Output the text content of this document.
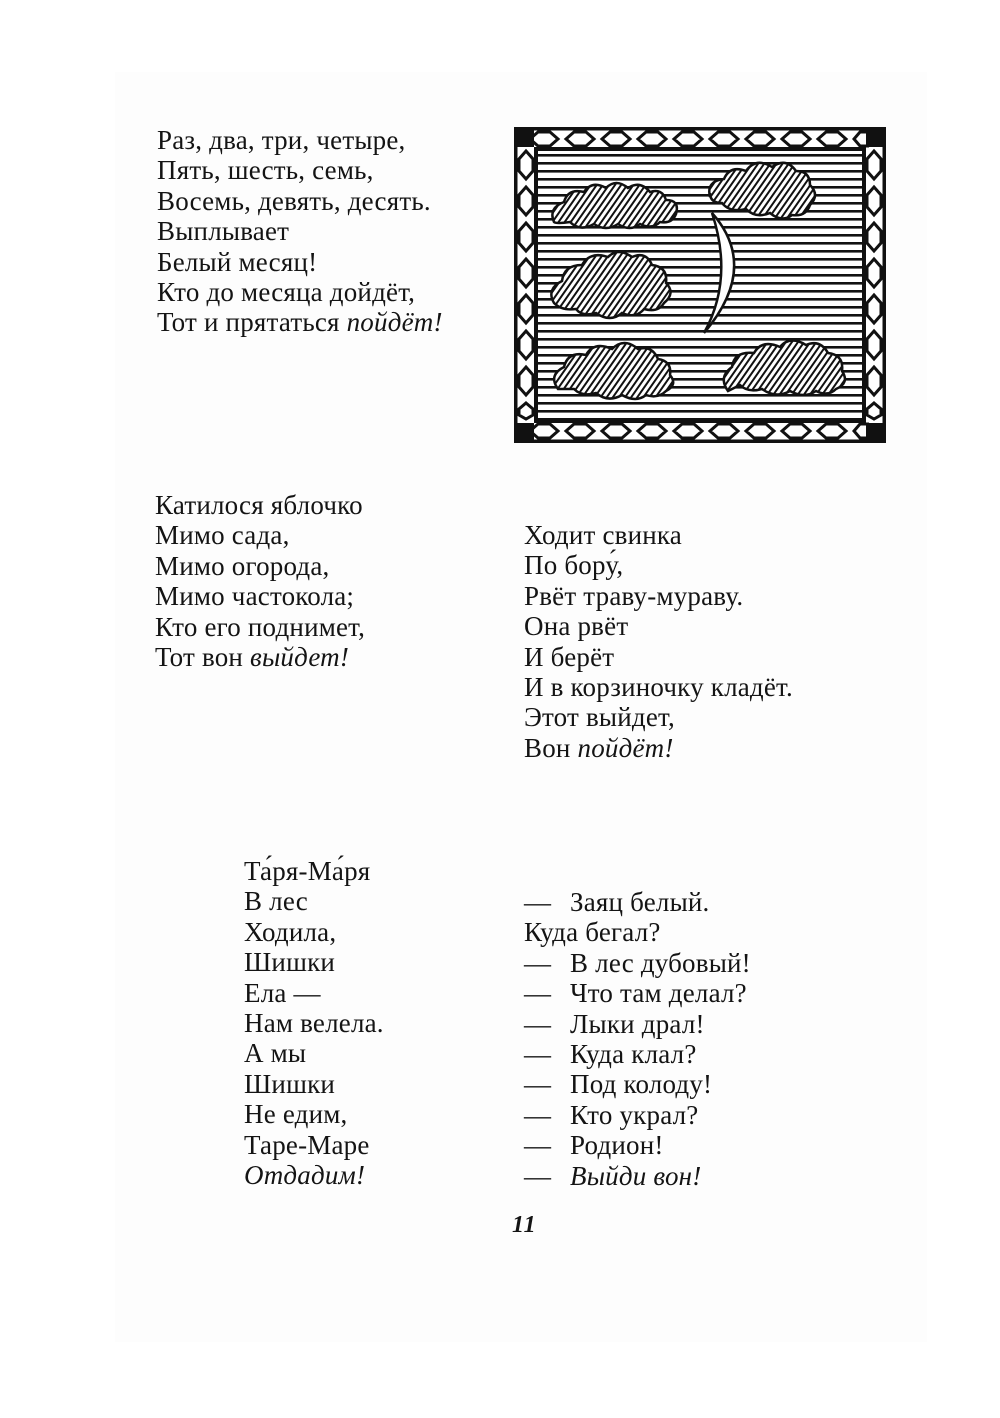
Раз, два, три, четыре,
Пять, шесть, семь,
Восемь, девять, десять.
Выплывает
Белый месяц!
Кто до месяца дойдёт,
Тот и прятаться пойдёт!
Катилося яблочко
Мимо сада,
Мимо огорода,
Мимо частокола;
Кто его поднимет,
Тот вон выйдет!
Ходит свинка
По бору́,
Рвёт траву-мураву.
Она рвёт
И берёт
И в корзиночку кладёт.
Этот выйдет,
Вон пойдёт!
Та́ря-Ма́ря
В лес
Ходила,
Шишки
Ела —
Нам велела.
А мы
Шишки
Не едим,
Таре-Маре
Отдадим!
— Заяц белый.
Куда бегал?
— В лес дубовый!
— Что там делал?
— Лыки драл!
— Куда клал?
— Под колоду!
— Кто украл?
— Родион!
— Выйди вон!
11
